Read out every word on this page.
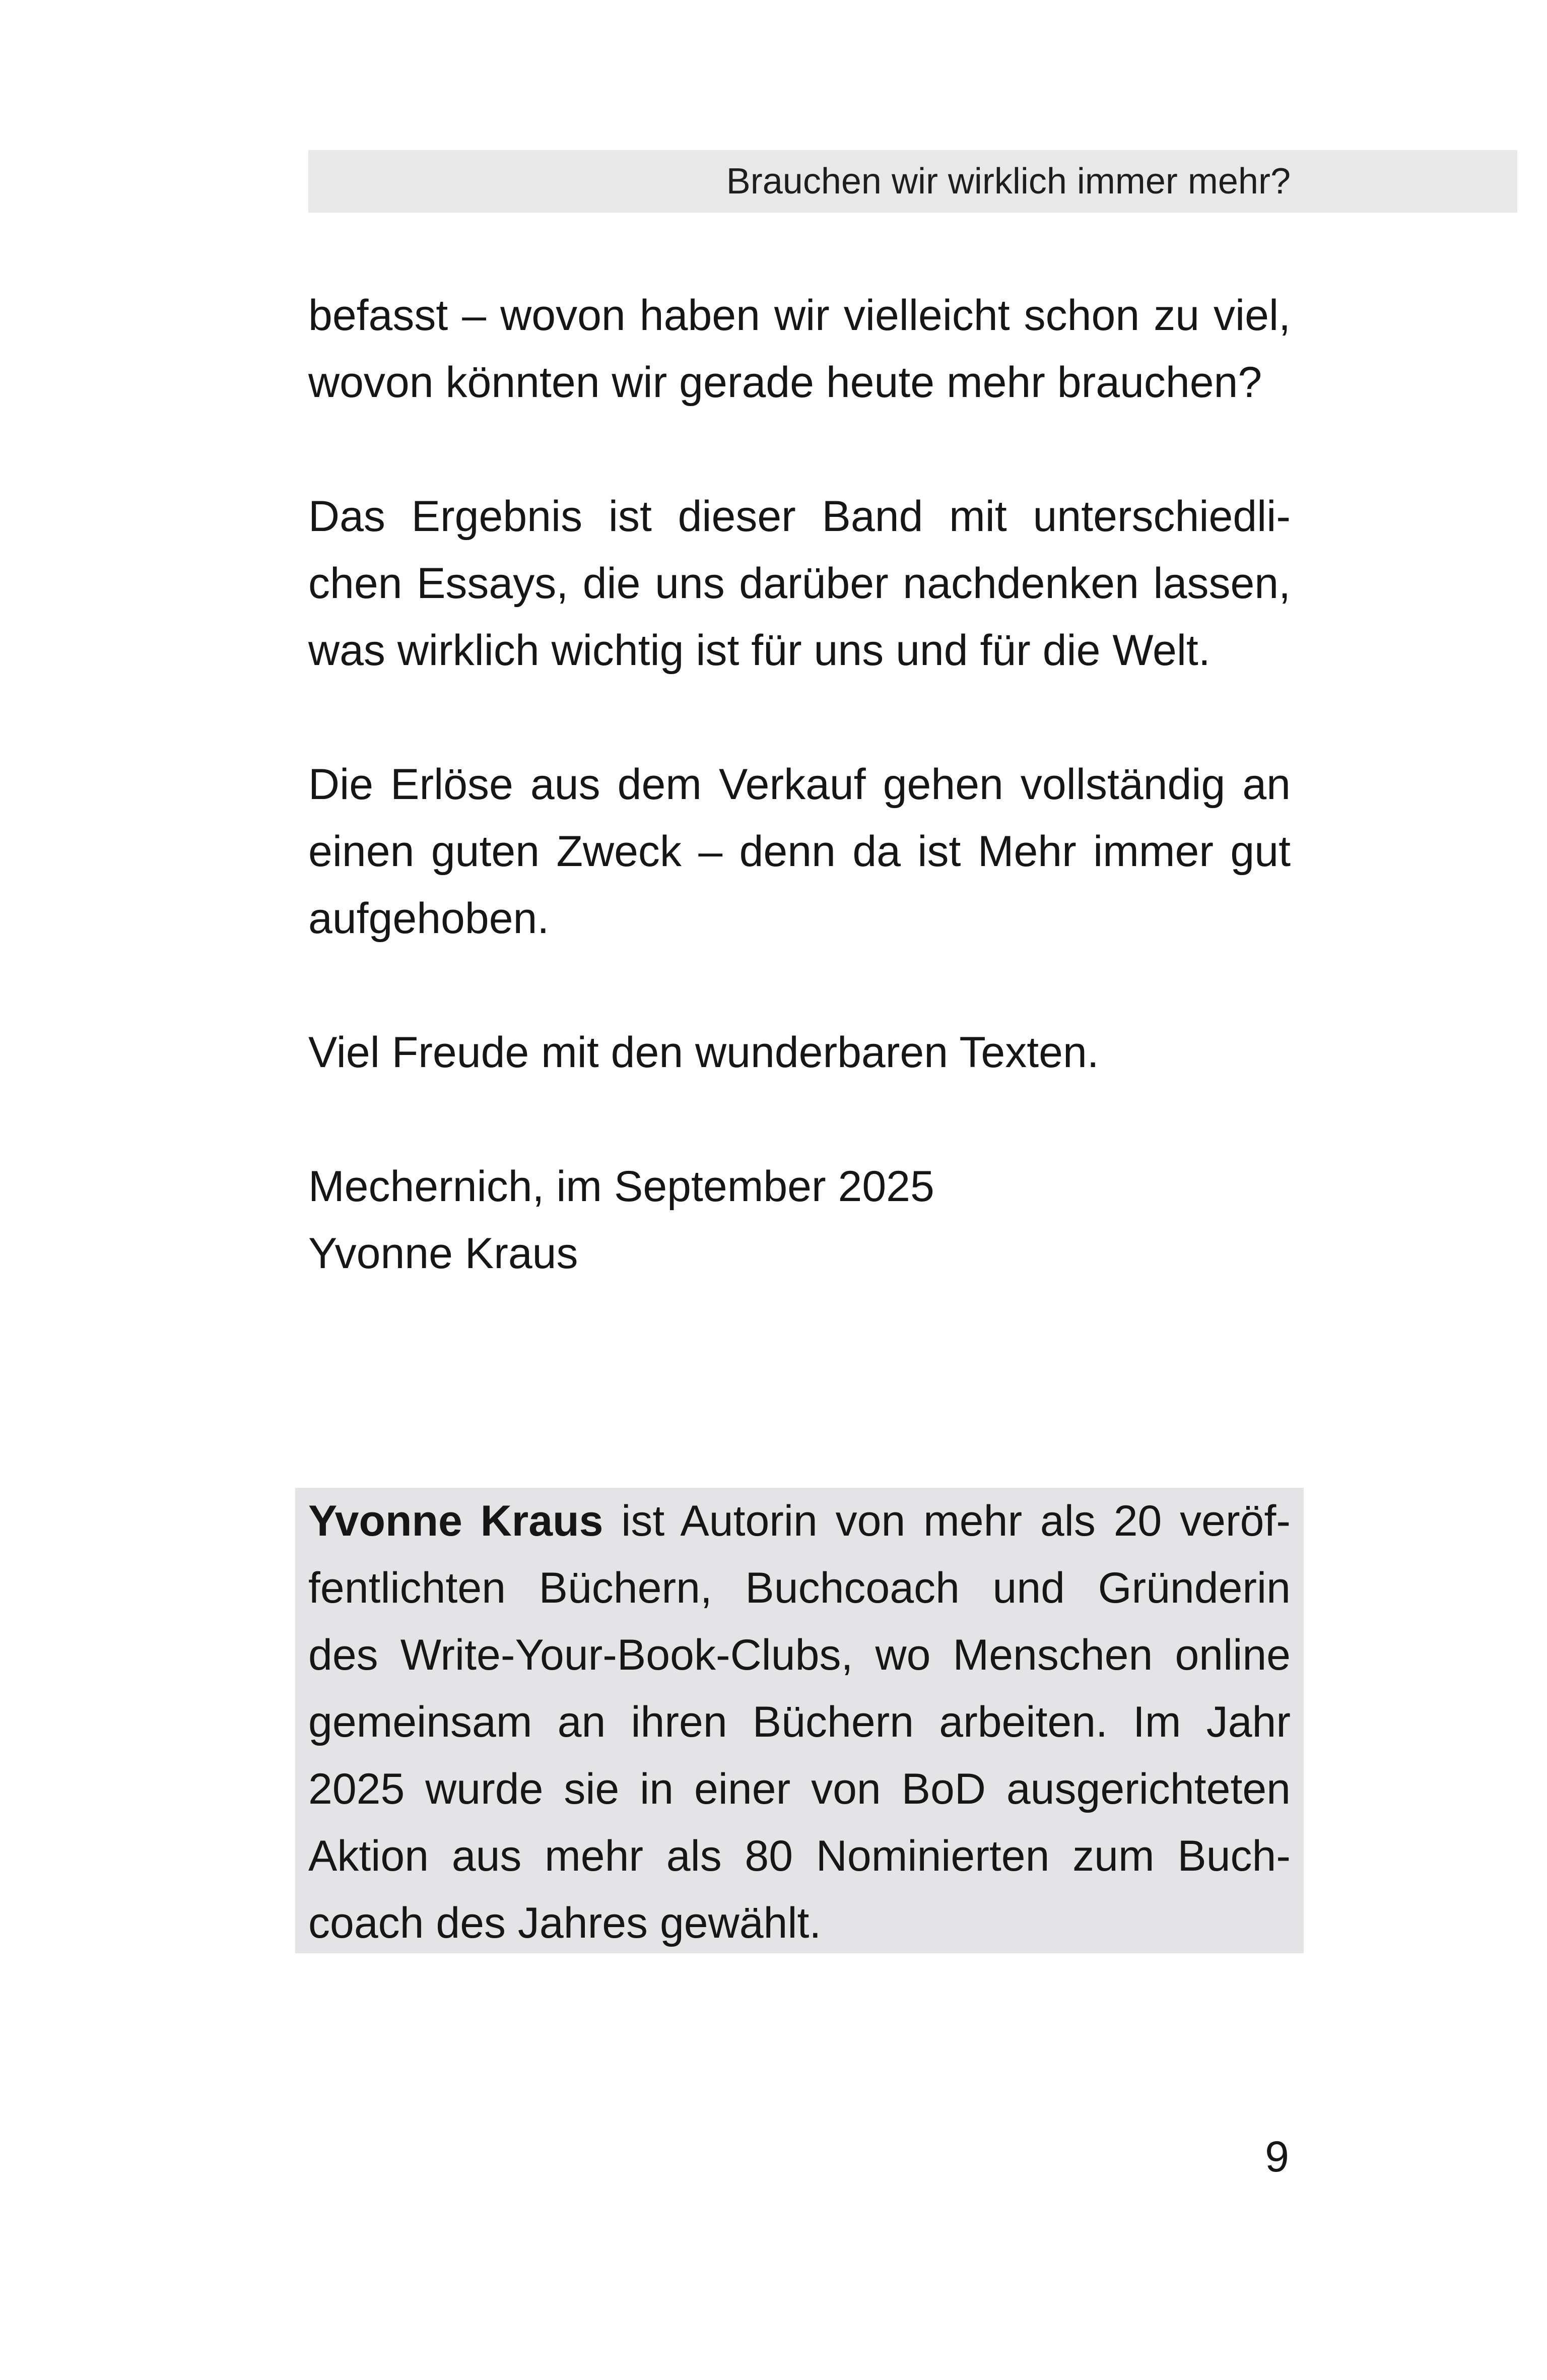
Brauchen wir wirklich immer mehr?

befasst – wovon haben wir vielleicht schon zu viel,
wovon könnten wir gerade heute mehr brauchen?

Das Ergebnis ist dieser Band mit unterschiedli-
chen Essays, die uns darüber nachdenken lassen,
was wirklich wichtig ist für uns und für die Welt.

Die Erlöse aus dem Verkauf gehen vollständig an
einen guten Zweck – denn da ist Mehr immer gut
aufgehoben.

Viel Freude mit den wunderbaren Texten.

Mechernich, im September 2025
Yvonne Kraus

Yvonne Kraus ist Autorin von mehr als 20 veröf-
fentlichten Büchern, Buchcoach und Gründerin
des Write-Your-Book-Clubs, wo Menschen online
gemeinsam an ihren Büchern arbeiten. Im Jahr
2025 wurde sie in einer von BoD ausgerichteten
Aktion aus mehr als 80 Nominierten zum Buch-
coach des Jahres gewählt.
9
